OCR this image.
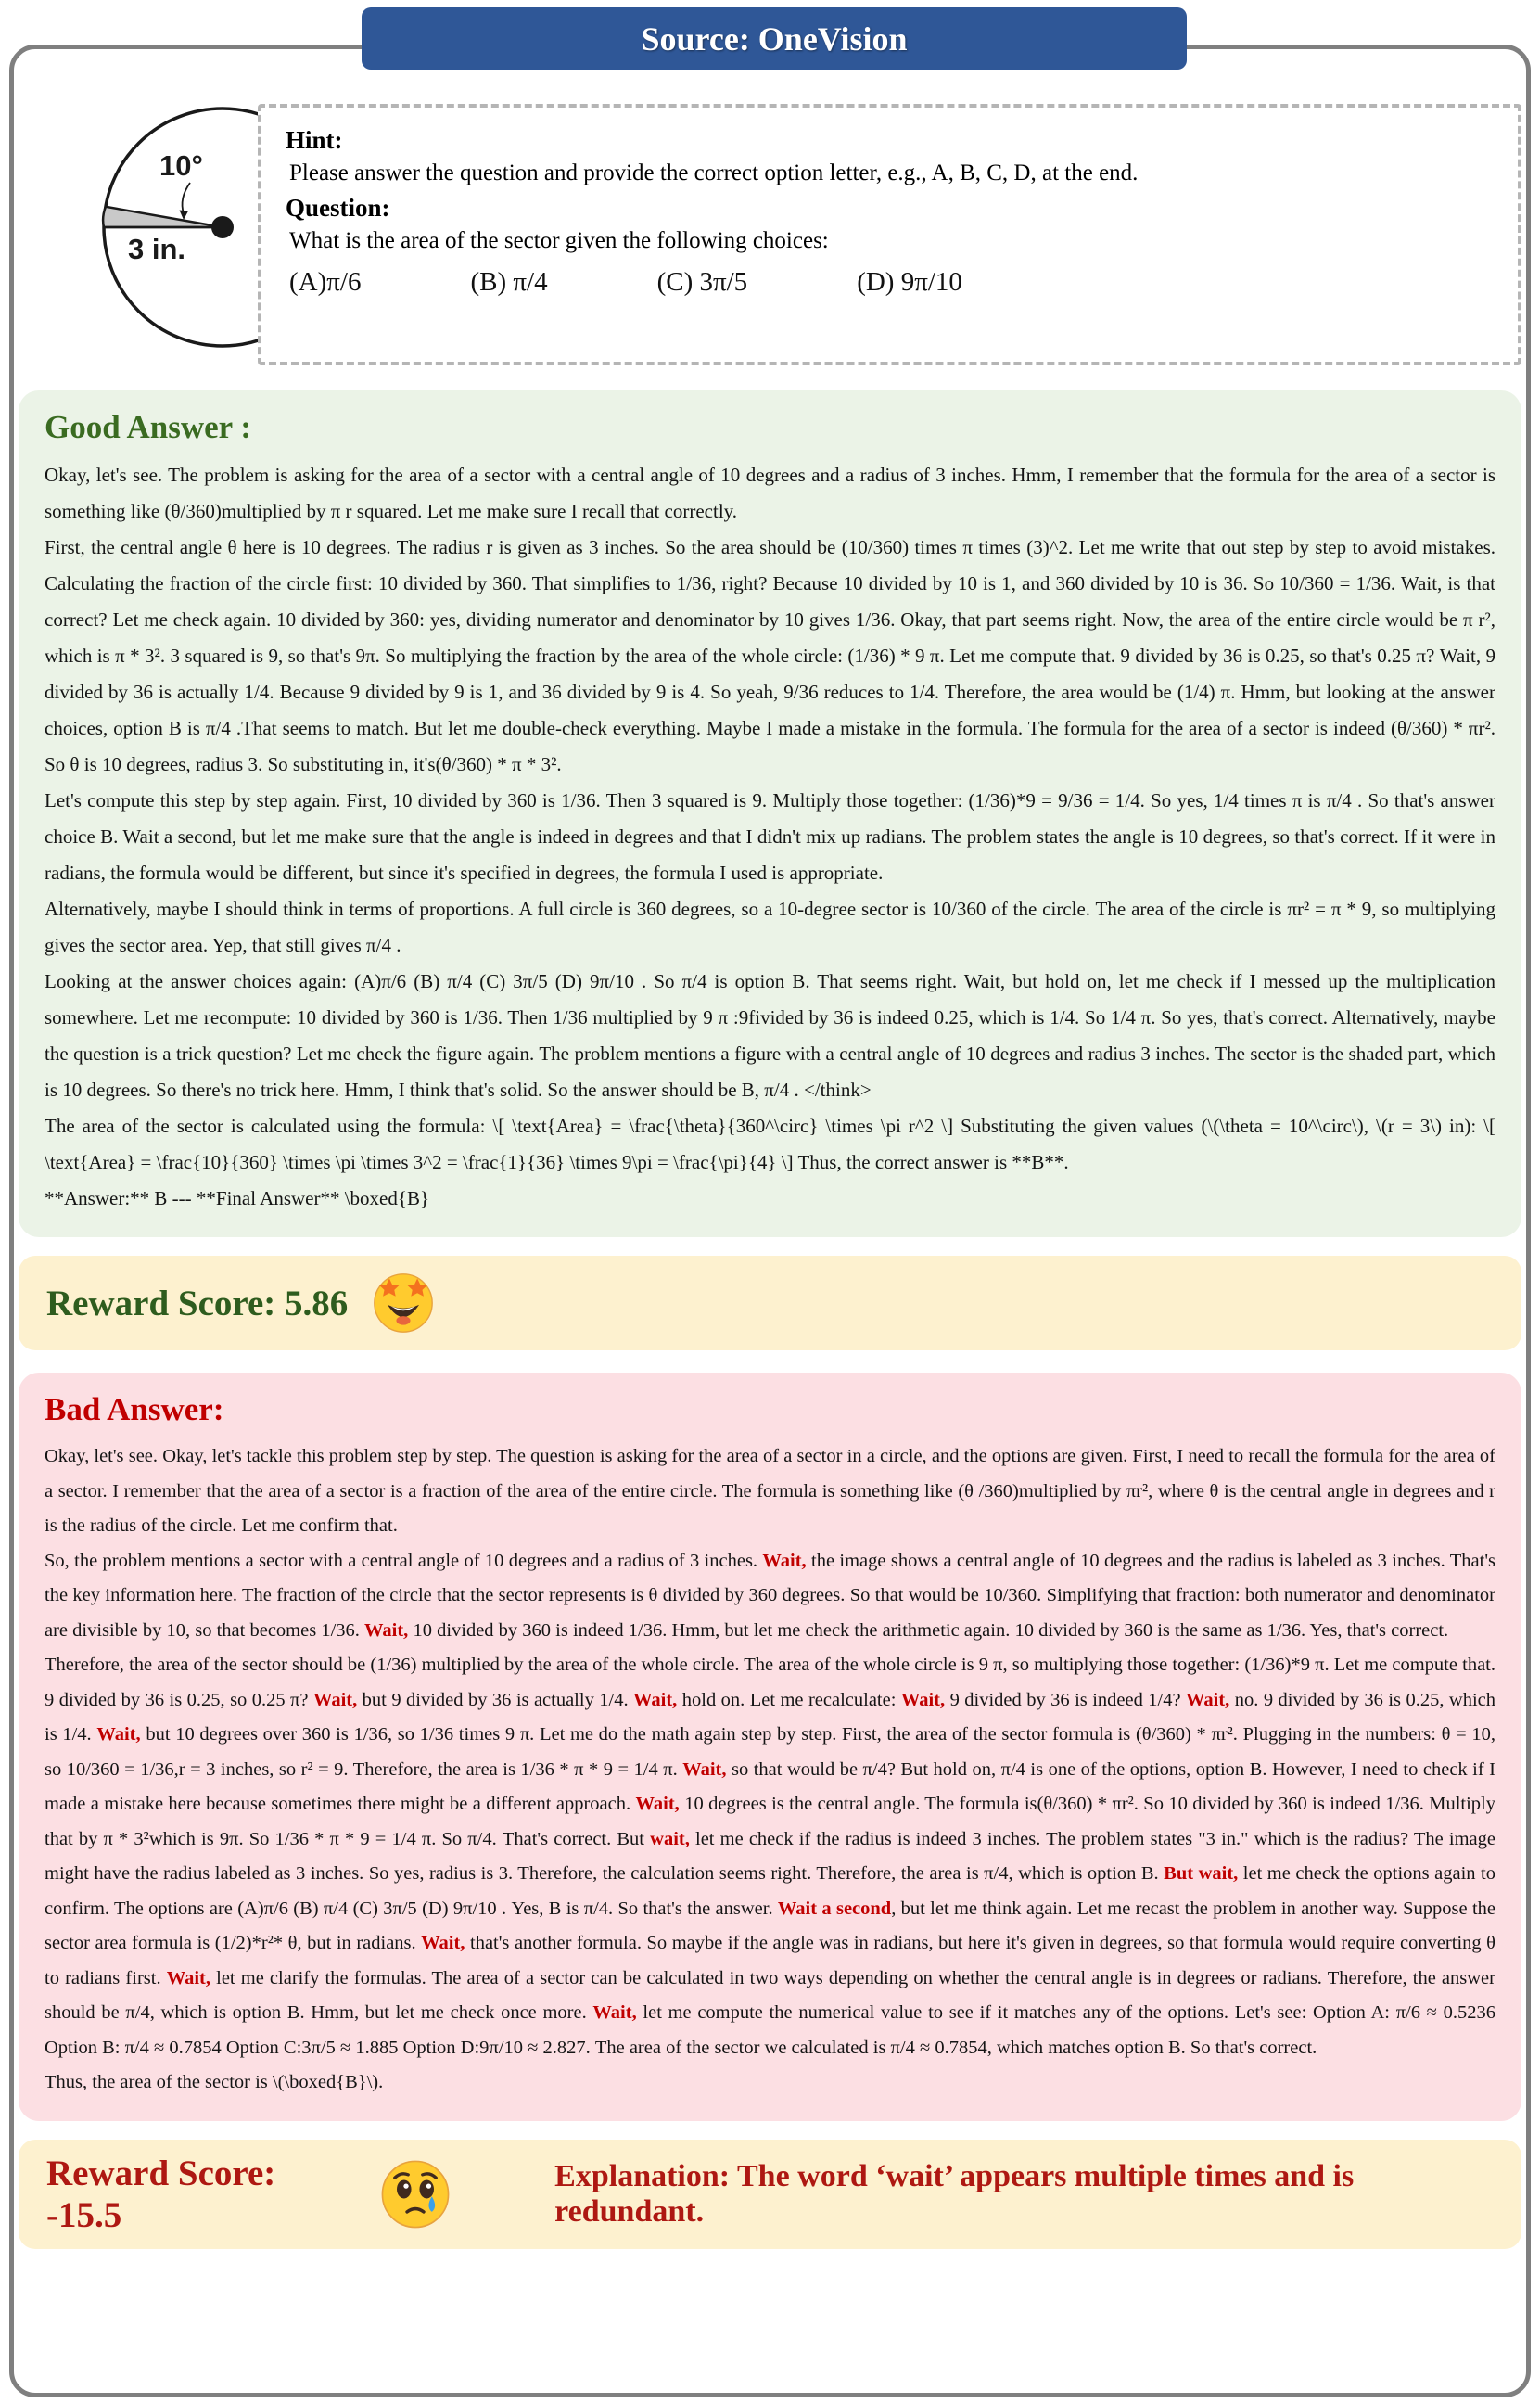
Source: OneVision
10°
3 in.
Hint:
Please answer the question and provide the correct option letter, e.g., A, B, C, D, at the end.
Question:
What is the area of the sector given the following choices:
(A)π/6	(B) π/4	(C) 3π/5	(D) 9π/10
Good Answer :

Okay, let's see. The problem is asking for the area of a sector with a central angle of 10 degrees and a radius of 3 inches. Hmm, I remember that the formula for the area of a sector is something like (θ/360)multiplied by π r squared. Let me make sure I recall that correctly.

First, the central angle θ here is 10 degrees. The radius r is given as 3 inches. So the area should be (10/360) times π times (3)^2. Let me write that out step by step to avoid mistakes. Calculating the fraction of the circle first: 10 divided by 360. That simplifies to 1/36, right? Because 10 divided by 10 is 1, and 360 divided by 10 is 36. So 10/360 = 1/36. Wait, is that correct? Let me check again. 10 divided by 360: yes, dividing numerator and denominator by 10 gives 1/36. Okay, that part seems right. Now, the area of the entire circle would be π r², which is π * 3². 3 squared is 9, so that's 9π. So multiplying the fraction by the area of the whole circle: (1/36) * 9 π. Let me compute that. 9 divided by 36 is 0.25, so that's 0.25 π? Wait, 9 divided by 36 is actually 1/4. Because 9 divided by 9 is 1, and 36 divided by 9 is 4. So yeah, 9/36 reduces to 1/4. Therefore, the area would be (1/4) π. Hmm, but looking at the answer choices, option B is π/4 .That seems to match. But let me double-check everything. Maybe I made a mistake in the formula. The formula for the area of a sector is indeed (θ/360) * πr². So θ is 10 degrees, radius 3. So substituting in, it's(θ/360) * π * 3².

Let's compute this step by step again. First, 10 divided by 360 is 1/36. Then 3 squared is 9. Multiply those together: (1/36)*9 = 9/36 = 1/4. So yes, 1/4 times π is π/4 . So that's answer choice B. Wait a second, but let me make sure that the angle is indeed in degrees and that I didn't mix up radians. The problem states the angle is 10 degrees, so that's correct. If it were in radians, the formula would be different, but since it's specified in degrees, the formula I used is appropriate.

Alternatively, maybe I should think in terms of proportions. A full circle is 360 degrees, so a 10-degree sector is 10/360 of the circle. The area of the circle is πr² = π * 9, so multiplying gives the sector area. Yep, that still gives π/4 .

Looking at the answer choices again: (A)π/6 (B) π/4 (C) 3π/5 (D) 9π/10 . So π/4 is option B. That seems right. Wait, but hold on, let me check if I messed up the multiplication somewhere. Let me recompute: 10 divided by 360 is 1/36. Then 1/36 multiplied by 9 π :9fivided by 36 is indeed 0.25, which is 1/4. So 1/4 π. So yes, that's correct. Alternatively, maybe the question is a trick question? Let me check the figure again. The problem mentions a figure with a central angle of 10 degrees and radius 3 inches. The sector is the shaded part, which is 10 degrees. So there's no trick here. Hmm, I think that's solid. So the answer should be B, π/4 . </think>

The area of the sector is calculated using the formula: \[ \text{Area} = \frac{\theta}{360^\circ} \times \pi r^2 \] Substituting the given values (\(\theta = 10^\circ\), \(r = 3\) in): \[ \text{Area} = \frac{10}{360} \times \pi \times 3^2 = \frac{1}{36} \times 9\pi = \frac{\pi}{4} \] Thus, the correct answer is **B**.

**Answer:** B --- **Final Answer** \boxed{B}

Reward Score: 5.86
Bad Answer:

Okay, let's see. Okay, let's tackle this problem step by step. The question is asking for the area of a sector in a circle, and the options are given. First, I need to recall the formula for the area of a sector. I remember that the area of a sector is a fraction of the area of the entire circle. The formula is something like (θ /360)multiplied by πr², where θ is the central angle in degrees and r is the radius of the circle. Let me confirm that.

So, the problem mentions a sector with a central angle of 10 degrees and a radius of 3 inches. Wait, the image shows a central angle of 10 degrees and the radius is labeled as 3 inches. That's the key information here. The fraction of the circle that the sector represents is θ divided by 360 degrees. So that would be 10/360. Simplifying that fraction: both numerator and denominator are divisible by 10, so that becomes 1/36. Wait, 10 divided by 360 is indeed 1/36. Hmm, but let me check the arithmetic again. 10 divided by 360 is the same as 1/36. Yes, that's correct.

Therefore, the area of the sector should be (1/36) multiplied by the area of the whole circle. The area of the whole circle is 9 π, so multiplying those together: (1/36)*9 π. Let me compute that. 9 divided by 36 is 0.25, so 0.25 π? Wait, but 9 divided by 36 is actually 1/4. Wait, hold on. Let me recalculate: Wait, 9 divided by 36 is indeed 1/4? Wait, no. 9 divided by 36 is 0.25, which is 1/4. Wait, but 10 degrees over 360 is 1/36, so 1/36 times 9 π. Let me do the math again step by step. First, the area of the sector formula is (θ/360) * πr². Plugging in the numbers: θ = 10, so 10/360 = 1/36,r = 3 inches, so r² = 9. Therefore, the area is 1/36 * π * 9 = 1/4 π. Wait, so that would be π/4? But hold on, π/4 is one of the options, option B. However, I need to check if I made a mistake here because sometimes there might be a different approach. Wait, 10 degrees is the central angle. The formula is(θ/360) * πr². So 10 divided by 360 is indeed 1/36. Multiply that by π * 3²which is 9π. So 1/36 * π * 9 = 1/4 π. So π/4. That's correct. But wait, let me check if the radius is indeed 3 inches. The problem states "3 in." which is the radius? The image might have the radius labeled as 3 inches. So yes, radius is 3. Therefore, the calculation seems right. Therefore, the area is π/4, which is option B. But wait, let me check the options again to confirm. The options are (A)π/6 (B) π/4 (C) 3π/5 (D) 9π/10 . Yes, B is π/4. So that's the answer. Wait a second, but let me think again. Let me recast the problem in another way. Suppose the sector area formula is (1/2)*r²* θ, but in radians. Wait, that's another formula. So maybe if the angle was in radians, but here it's given in degrees, so that formula would require converting θ to radians first. Wait, let me clarify the formulas. The area of a sector can be calculated in two ways depending on whether the central angle is in degrees or radians. Therefore, the answer should be π/4, which is option B. Hmm, but let me check once more. Wait, let me compute the numerical value to see if it matches any of the options. Let's see: Option A: π/6 ≈ 0.5236 Option B: π/4 ≈ 0.7854 Option C:3π/5 ≈ 1.885 Option D:9π/10 ≈ 2.827. The area of the sector we calculated is π/4 ≈ 0.7854, which matches option B. So that's correct.

Thus, the area of the sector is \(\boxed{B}\).

Reward Score: -15.5
Explanation: The word ‘wait’ appears multiple times and is redundant.
